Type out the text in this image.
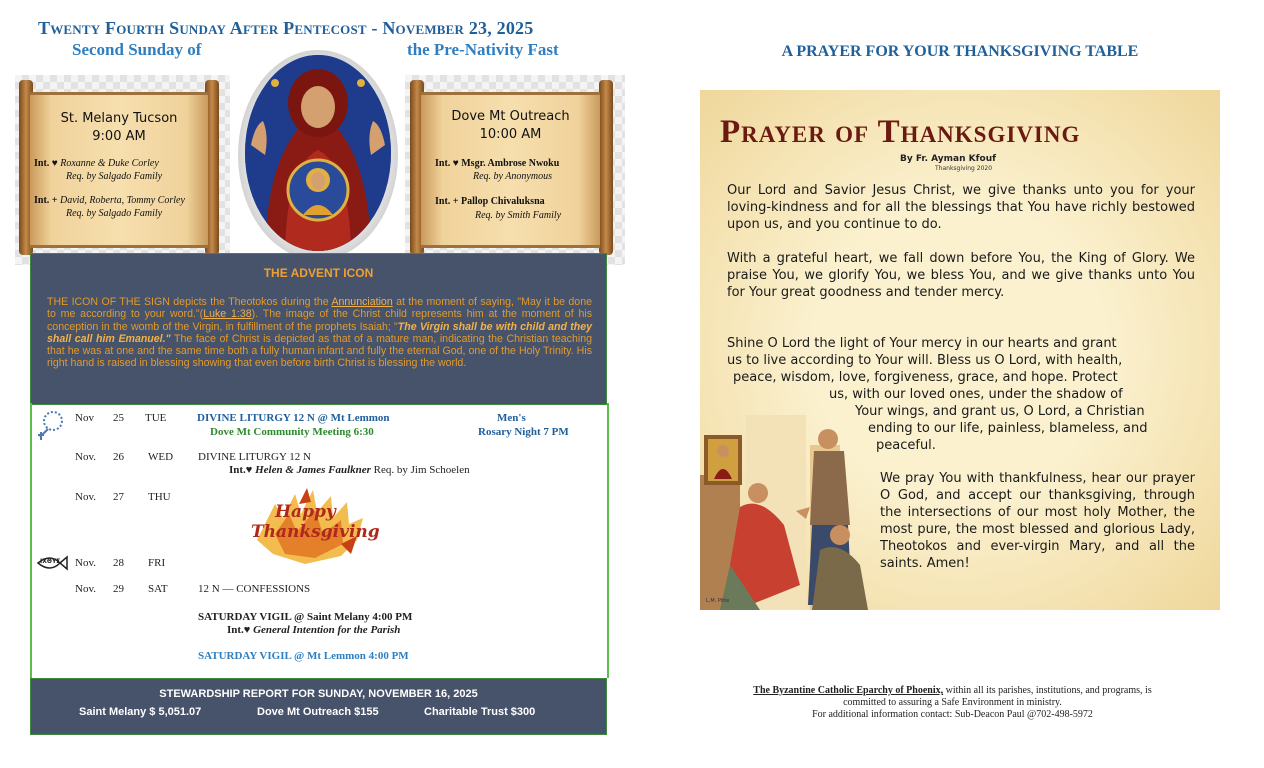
Twenty Fourth Sunday After Pentecost - November 23, 2025
Second Sunday of	the Pre-Nativity Fast
St. Melany Tucson
9:00 AM
Int. ♥ Roxanne & Duke Corley
Req. by Salgado Family
Int. + David, Roberta, Tommy Corley
Req. by Salgado Family
Dove Mt Outreach
10:00 AM
Int. ♥ Msgr. Ambrose Nwoku
Req. by Anonymous
Int. + Pallop Chivaluksna
Req. by Smith Family
THE ADVENT ICON
THE ICON OF THE SIGN depicts the Theotokos during the Annunciation at the moment of saying, "May it be done to me according to your word."(Luke 1:38). The image of the Christ child represents him at the moment of his conception in the womb of the Virgin, in fulfillment of the prophets Isaiah; "The Virgin shall be with child and they shall call him Emanuel." The face of Christ is depicted as that of a mature man, indicating the Christian teaching that he was at one and the same time both a fully human infant and fully the eternal God, one of the Holy Trinity. His right hand is raised in blessing showing that even before birth Christ is blessing the world.
Nov 25 TUE	DIVINE LITURGY 12 N @ Mt Lemmon
Dove Mt Community Meeting 6:30
Men's
Rosary Night 7 PM
Nov. 26 WED DIVINE LITURGY 12 N
Int.♥ Helen & James Faulkner Req. by Jim Schoelen
Nov. 27 THU
Happy
Thanksgiving
IXΘYΣ Nov. 28 FRI
Nov. 29 SAT	12 N — CONFESSIONS
SATURDAY VIGIL @ Saint Melany 4:00 PM
Int.♥ General Intention for the Parish
SATURDAY VIGIL @ Mt Lemmon 4:00 PM
STEWARDSHIP REPORT FOR SUNDAY, NOVEMBER 16, 2025
Saint Melany $ 5,051.07	Dove Mt Outreach $155	Charitable Trust $300
A PRAYER FOR YOUR THANKSGIVING TABLE
Prayer of Thanksgiving
By Fr. Ayman Kfouf
Thanksgiving 2020
Our Lord and Savior Jesus Christ, we give thanks unto you for your loving-kindness and for all the blessings that You have richly bestowed upon us, and you continue to do.
With a grateful heart, we fall down before You, the King of Glory. We praise You, we glorify You, we bless You, and we give thanks unto You for Your great goodness and tender mercy.
Shine O Lord the light of Your mercy in our hearts and grant
us to live according to Your will. Bless us O Lord, with health,
peace, wisdom, love, forgiveness, grace, and hope. Protect
us, with our loved ones, under the shadow of
Your wings, and grant us, O Lord, a Christian
ending to our life, painless, blameless, and
peaceful.
We pray You with thankfulness, hear our prayer O God, and accept our thanksgiving, through the intersections of our most holy Mother, the most pure, the most blessed and glorious Lady, Theotokos and ever-virgin Mary, and all the saints. Amen!
L.M. Pitte
The Byzantine Catholic Eparchy of Phoenix, within all its parishes, institutions, and programs, is
committed to assuring a Safe Environment in ministry.
For additional information contact: Sub-Deacon Paul @702-498-5972
